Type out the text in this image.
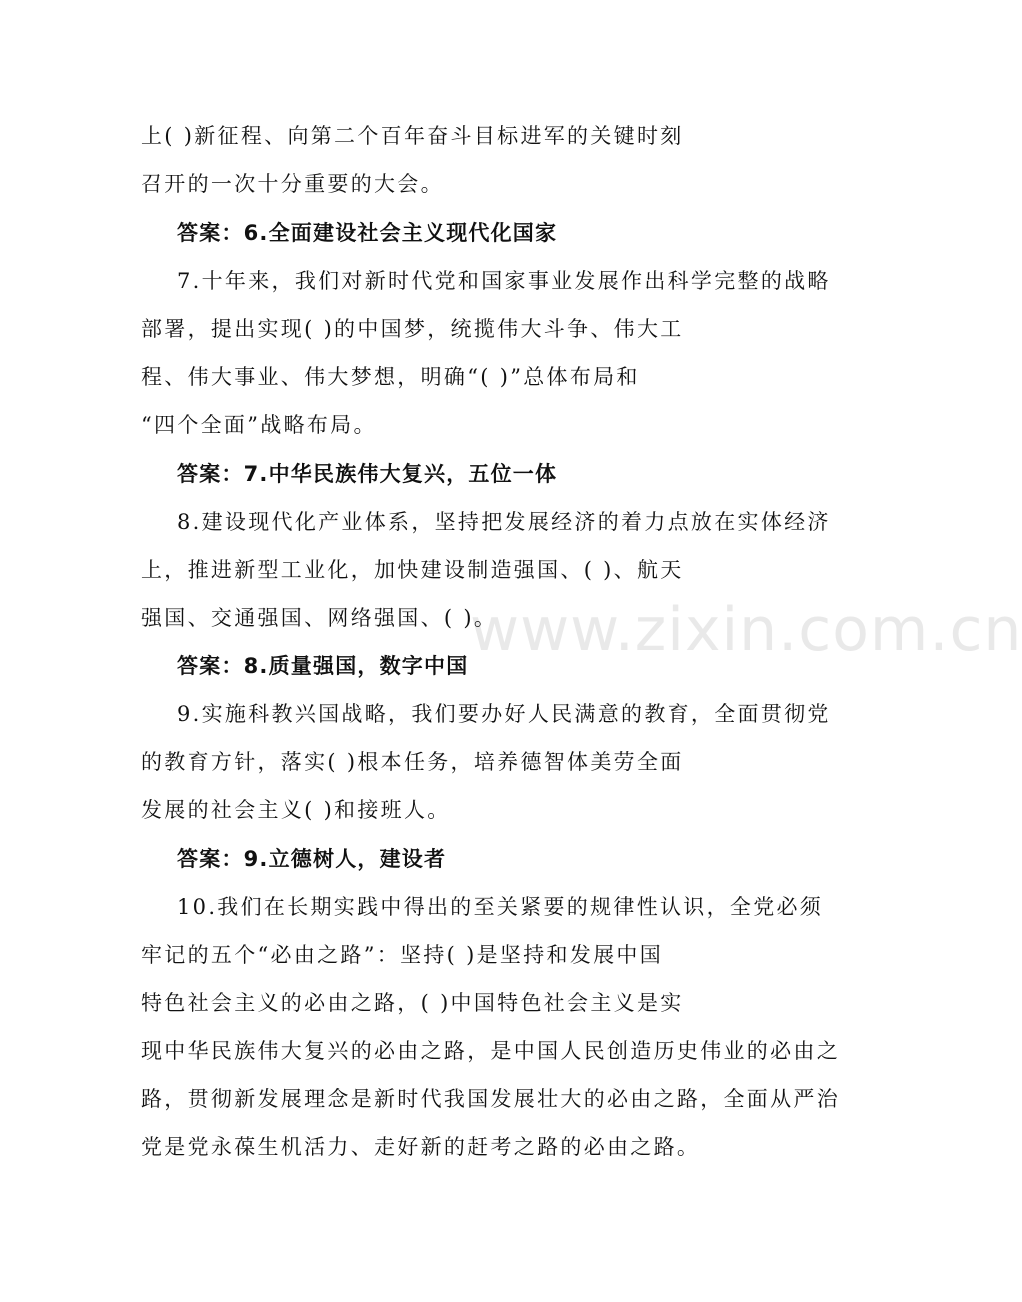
www.zixin.com.cn
上( )新征程、向第二个百年奋斗目标进军的关键时刻
召开的一次十分重要的大会。
答案：6.全面建设社会主义现代化国家
7.十年来，我们对新时代党和国家事业发展作出科学完整的战略
部署，提出实现( )的中国梦，统揽伟大斗争、伟大工
程、伟大事业、伟大梦想，明确“( )”总体布局和
“四个全面”战略布局。
答案：7.中华民族伟大复兴，五位一体
8.建设现代化产业体系，坚持把发展经济的着力点放在实体经济
上，推进新型工业化，加快建设制造强国、( )、航天
强国、交通强国、网络强国、( )。
答案：8.质量强国，数字中国
9.实施科教兴国战略，我们要办好人民满意的教育，全面贯彻党
的教育方针，落实( )根本任务，培养德智体美劳全面
发展的社会主义( )和接班人。
答案：9.立德树人，建设者
10.我们在长期实践中得出的至关紧要的规律性认识，全党必须
牢记的五个“必由之路”：坚持( )是坚持和发展中国
特色社会主义的必由之路，( )中国特色社会主义是实
现中华民族伟大复兴的必由之路，是中国人民创造历史伟业的必由之
路，贯彻新发展理念是新时代我国发展壮大的必由之路，全面从严治
党是党永葆生机活力、走好新的赶考之路的必由之路。
